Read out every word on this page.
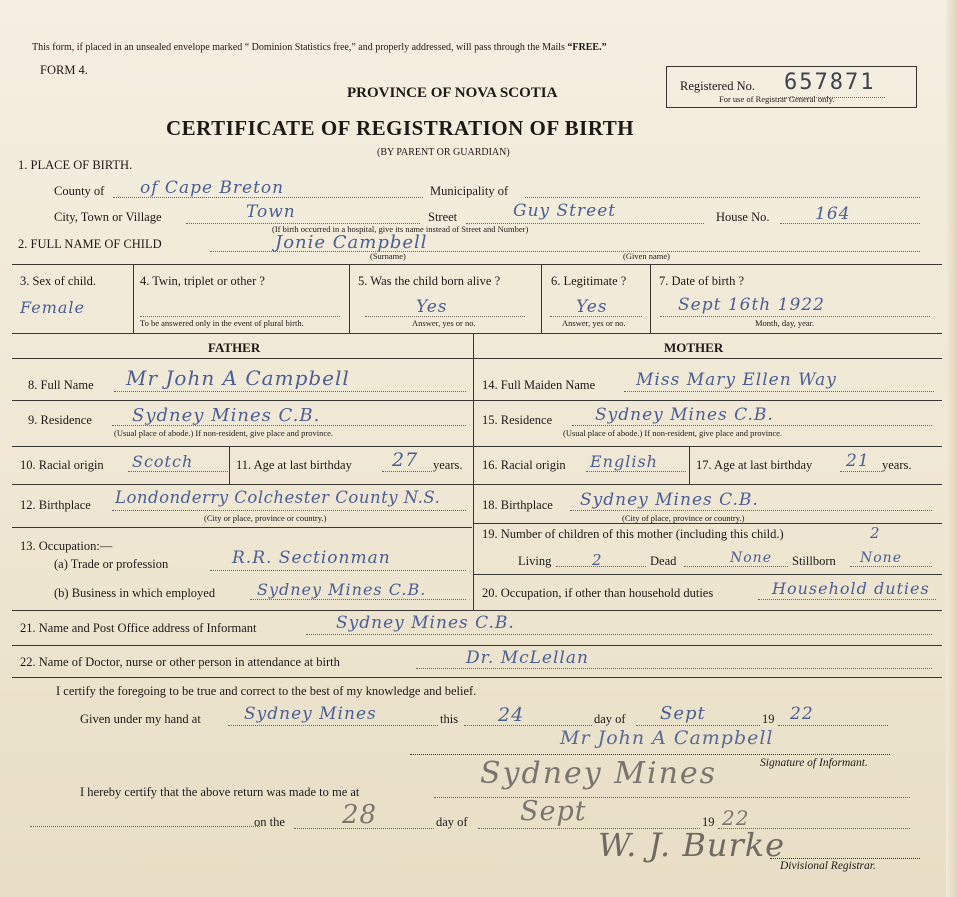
This form, if placed in an unsealed envelope marked “ Dominion Statistics free,” and properly addressed, will pass through the Mails “FREE.”
FORM 4.
PROVINCE OF NOVA SCOTIA	Registered No. 657871
For use of Registrar General only.
CERTIFICATE OF REGISTRATION OF BIRTH
(BY PARENT OR GUARDIAN)
1. PLACE OF BIRTH.
County of of Cape Breton	Municipality of
City, Town or Village	Town	Street	Guy Street	House No.	164
(If birth occurred in a hospital, give its name instead of Street and Number)
2. FULL NAME OF CHILD	Jonie Campbell
(Surname)	(Given name)
3. Sex of child.
Female
4. Twin, triplet or other ?
To be answered only in the event of plural birth.
5. Was the child born alive ?
Yes
Answer, yes or no.
6. Legitimate ?
Yes
Answer, yes or no.
7. Date of birth ?
Sept 16th 1922
Month, day, year.
FATHER	MOTHER
8. Full Name Mr John A Campbell
9. Residence Sydney Mines C.B.
(Usual place of abode.) If non-resident, give place and province.
10. Racial origin Scotch	11. Age at last birthday 27 years.
12. Birthplace Londonderry Colchester County N.S.
(City or place, province or country.)
13. Occupation:—
(a) Trade or profession	R.R. Sectionman
(b) Business in which employed	Sydney Mines C.B.
14. Full Maiden Name Miss Mary Ellen Way
15. Residence	Sydney Mines C.B.
(Usual place of abode.) If non-resident, give place and province.
16. Racial origin English	17. Age at last birthday 21 years.
18. Birthplace Sydney Mines C.B.
(City of place, province or country.)
19. Number of children of this mother (including this child.)	2
Living	2	Dead	None Stillborn None
20. Occupation, if other than household duties	Household duties
21. Name and Post Office address of Informant	Sydney Mines C.B.
22. Name of Doctor, nurse or other person in attendance at birth	Dr. McLellan
I certify the foregoing to be true and correct to the best of my knowledge and belief.
Given under my hand at	Sydney Mines	this 24	day of Sept	19 22
Mr John A Campbell
Signature of Informant.
I hereby certify that the above return was made to me at
Sydney Mines
on the 28	day of Sept	19 22
W. J. Burke
Divisional Registrar.
